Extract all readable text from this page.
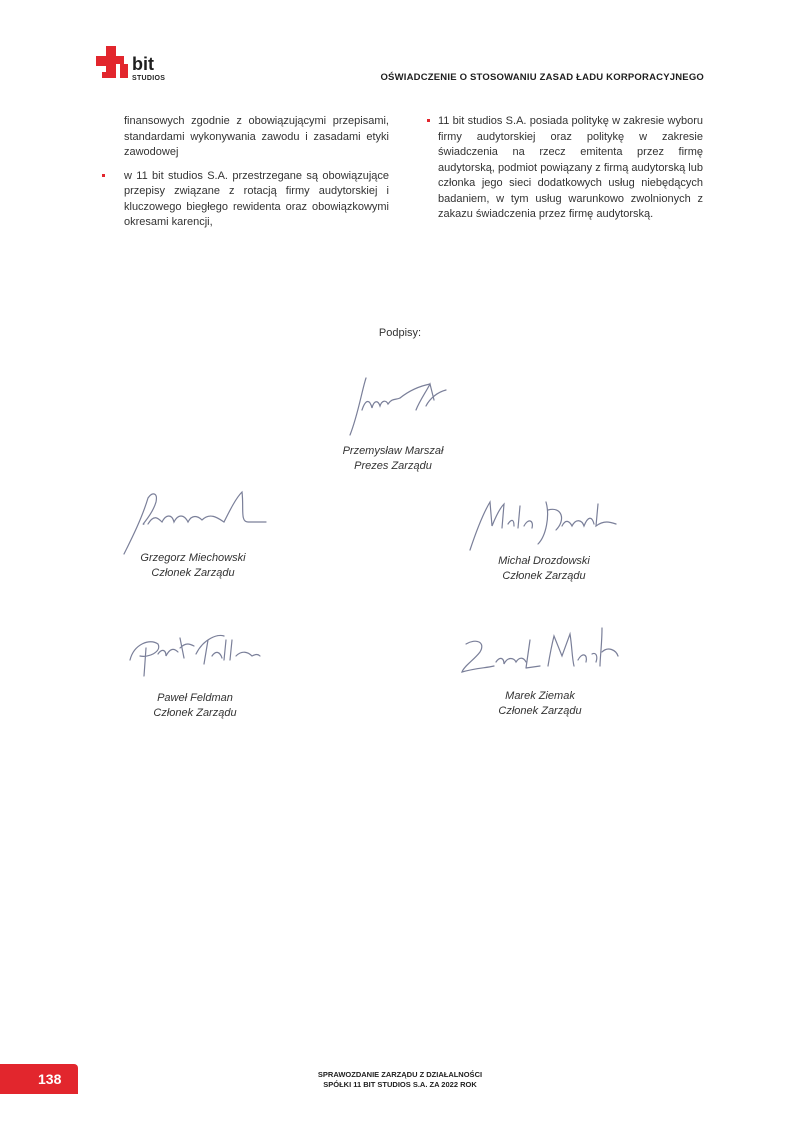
bit
STUDIOS	OŚWIADCZENIE O STOSOWANIU ZASAD ŁADU KORPORACYJNEGO

finansowych zgodnie z obowiązującymi przepisami, standardami wykonywania zawodu i zasadami etyki zawodowej

w 11 bit studios S.A. przestrzegane są obowiązujące przepisy związane z rotacją firmy audytorskiej i kluczowego biegłego rewidenta oraz obowiązkowymi okresami karencji,

11 bit studios S.A. posiada politykę w zakresie wyboru firmy audytorskiej oraz politykę w zakresie świadczenia na rzecz emitenta przez firmę audytorską, podmiot powiązany z firmą audytorską lub członka jego sieci dodatkowych usług niebędących badaniem, w tym usług warunkowo zwolnionych z zakazu świadczenia przez firmę audytorską.

Podpisy:
Przemysław Marszał
Prezes Zarządu
Grzegorz Miechowski
Członek Zarządu
Michał Drozdowski
Członek Zarządu
Paweł Feldman
Członek Zarządu
Marek Ziemak
Członek Zarządu
138	SPRAWOZDANIE ZARZĄDU Z DZIAŁALNOŚCI
SPÓŁKI 11 BIT STUDIOS S.A. ZA 2022 ROK
